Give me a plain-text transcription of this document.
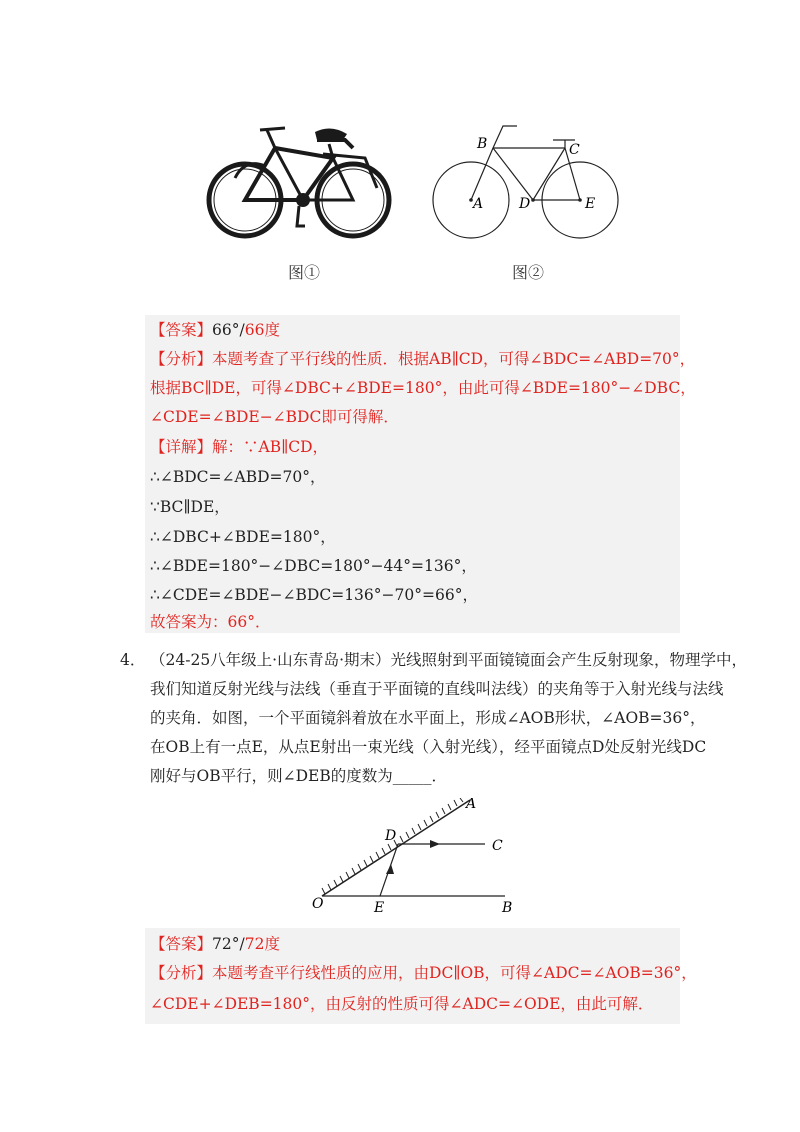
图①
B	C
A	D	E
图②
【答案】66°/66度
【分析】本题考查了平行线的性质．根据AB∥CD，可得∠BDC=∠ABD=70°，
根据BC∥DE，可得∠DBC+∠BDE=180°，由此可得∠BDE=180°−∠DBC，
∠CDE=∠BDE−∠BDC即可得解．
【详解】解：∵AB∥CD，
∴∠BDC=∠ABD=70°，
∵BC∥DE，
∴∠DBC+∠BDE=180°，
∴∠BDE=180°−∠DBC=180°−44°=136°，
∴∠CDE=∠BDE−∠BDC=136°−70°=66°，
故答案为：66°．
4． （24-25八年级上·山东青岛·期末）光线照射到平面镜镜面会产生反射现象，物理学中，
我们知道反射光线与法线（垂直于平面镜的直线叫法线）的夹角等于入射光线与法线
的夹角．如图，一个平面镜斜着放在水平面上，形成∠AOB形状，∠AOB=36°，
在OB上有一点E，从点E射出一束光线（入射光线），经平面镜点D处反射光线DC
刚好与OB平行，则∠DEB的度数为_____．
A
D
C
O	E	B
【答案】72°/72度
【分析】本题考查平行线性质的应用，由DC∥OB，可得∠ADC=∠AOB=36°，
∠CDE+∠DEB=180°，由反射的性质可得∠ADC=∠ODE，由此可解．
